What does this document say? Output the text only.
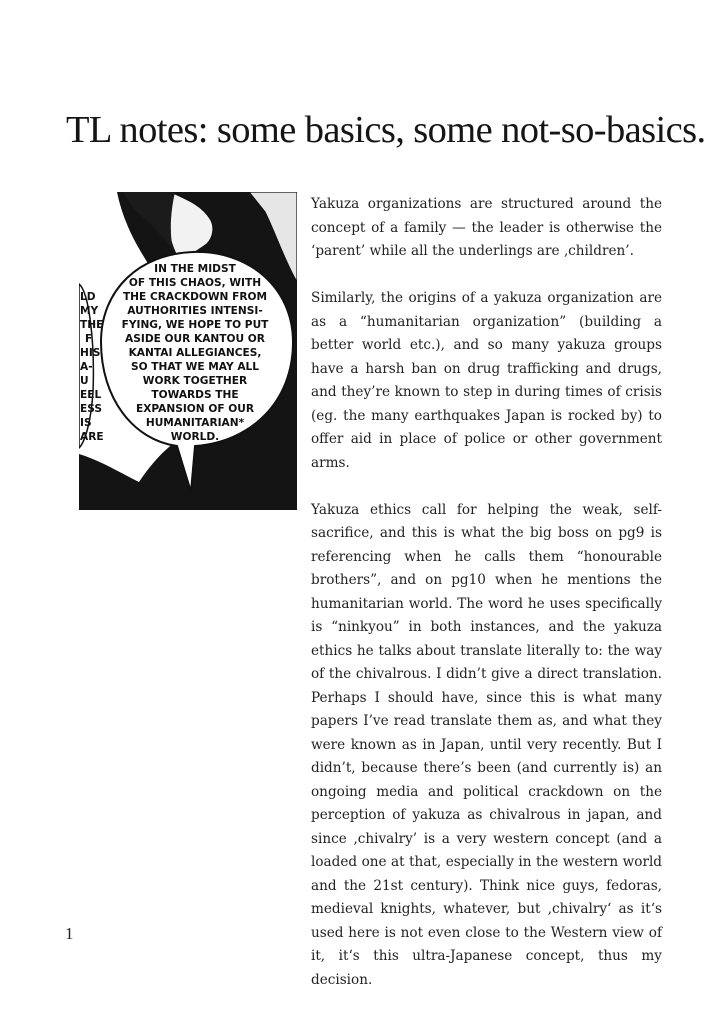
TL notes: some basics, some not-so-basics.
IN THE MIDST
OF THIS CHAOS, WITH
THE CRACKDOWN FROM
AUTHORITIES INTENSI-
FYING, WE HOPE TO PUT
ASIDE OUR KANTOU OR
KANTAI ALLEGIANCES,
SO THAT WE MAY ALL
WORK TOGETHER
TOWARDS THE
EXPANSION OF OUR
HUMANITARIAN*
WORLD.
LD
MY
THE
F
HIS
A-
U
EEL
ESS
IS
ARE

Yakuza organizations are structured around the concept of a family — the leader is otherwise the ‘parent’ while all the underlings are ‚children’.

Similarly, the origins of a yakuza organization are as a “humanitarian organization” (building a better world etc.), and so many yakuza groups have a harsh ban on drug trafficking and drugs, and they’re known to step in during times of crisis (eg. the many earthquakes Japan is rocked by) to offer aid in place of police or other government arms.

Yakuza ethics call for helping the weak, self-sacrifice, and this is what the big boss on pg9 is referencing when he calls them “honourable brothers”, and on pg10 when he mentions the humanitarian world. The word he uses specifically is “ninkyou” in both instances, and the yakuza ethics he talks about translate literally to: the way of the chivalrous. I didn’t give a direct translation. Perhaps I should have, since this is what many papers I’ve read translate them as, and what they were known as in Japan, until very recently. But I didn’t, because there’s been (and currently is) an ongoing media and political crackdown on the perception of yakuza as chivalrous in japan, and since ‚chivalry’ is a very western concept (and a loaded one at that, especially in the western world and the 21st century). Think nice guys, fedoras, medieval knights, whatever, but ‚chivalry‘ as it‘s used here is not even close to the Western view of it, it‘s this ultra-Japanese concept, thus my decision.

1
